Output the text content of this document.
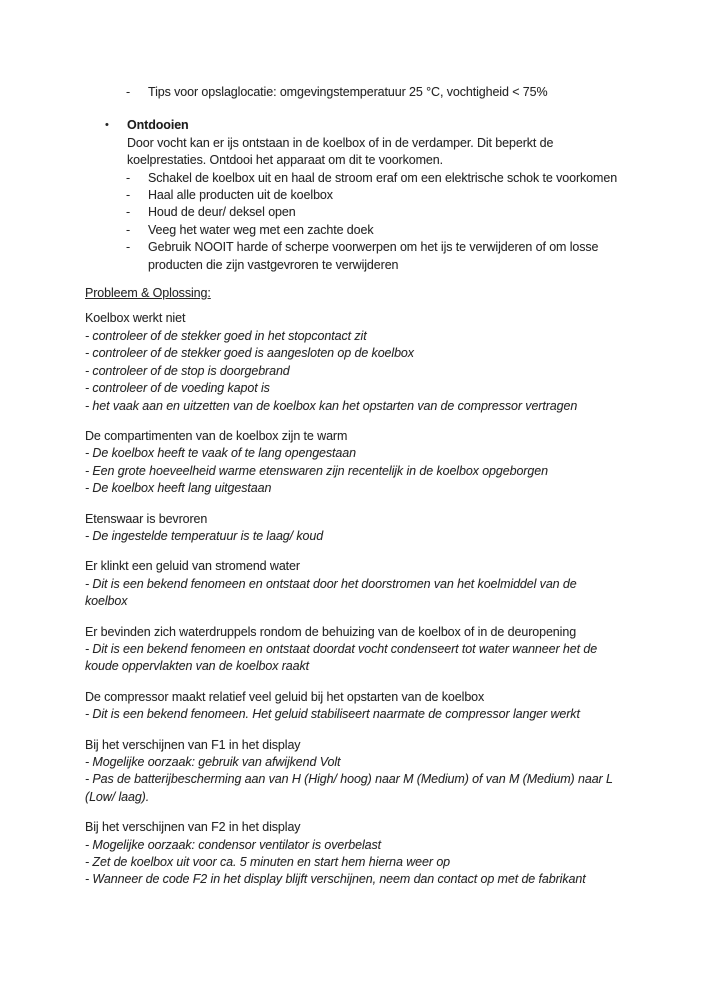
-	Tips voor opslaglocatie: omgevingstemperatuur 25 °C, vochtigheid < 75%
•	Ontdooien

Door vocht kan er ijs ontstaan in de koelbox of in de verdamper. Dit beperkt de koelprestaties. Ontdooi het apparaat om dit te voorkomen.

-	Schakel de koelbox uit en haal de stroom eraf om een elektrische schok te voorkomen
-	Haal alle producten uit de koelbox
-	Houd de deur/ deksel open
-	Veeg het water weg met een zachte doek
-	Gebruik NOOIT harde of scherpe voorwerpen om het ijs te verwijderen of om losse producten die zijn vastgevroren te verwijderen
Probleem & Oplossing:
Koelbox werkt niet
- controleer of de stekker goed in het stopcontact zit
- controleer of de stekker goed is aangesloten op de koelbox
- controleer of de stop is doorgebrand
- controleer of de voeding kapot is
- het vaak aan en uitzetten van de koelbox kan het opstarten van de compressor vertragen
De compartimenten van de koelbox zijn te warm
- De koelbox heeft te vaak of te lang opengestaan
- Een grote hoeveelheid warme etenswaren zijn recentelijk in de koelbox opgeborgen
- De koelbox heeft lang uitgestaan
Etenswaar is bevroren
- De ingestelde temperatuur is te laag/ koud
Er klinkt een geluid van stromend water
- Dit is een bekend fenomeen en ontstaat door het doorstromen van het koelmiddel van de koelbox
Er bevinden zich waterdruppels rondom de behuizing van de koelbox of in de deuropening
- Dit is een bekend fenomeen en ontstaat doordat vocht condenseert tot water wanneer het de koude oppervlakten van de koelbox raakt
De compressor maakt relatief veel geluid bij het opstarten van de koelbox
- Dit is een bekend fenomeen. Het geluid stabiliseert naarmate de compressor langer werkt
Bij het verschijnen van F1 in het display
- Mogelijke oorzaak: gebruik van afwijkend Volt
- Pas de batterijbescherming aan van H (High/ hoog) naar M (Medium) of van M (Medium) naar L (Low/ laag).
Bij het verschijnen van F2 in het display
- Mogelijke oorzaak: condensor ventilator is overbelast
- Zet de koelbox uit voor ca. 5 minuten en start hem hierna weer op
- Wanneer de code F2 in het display blijft verschijnen, neem dan contact op met de fabrikant
